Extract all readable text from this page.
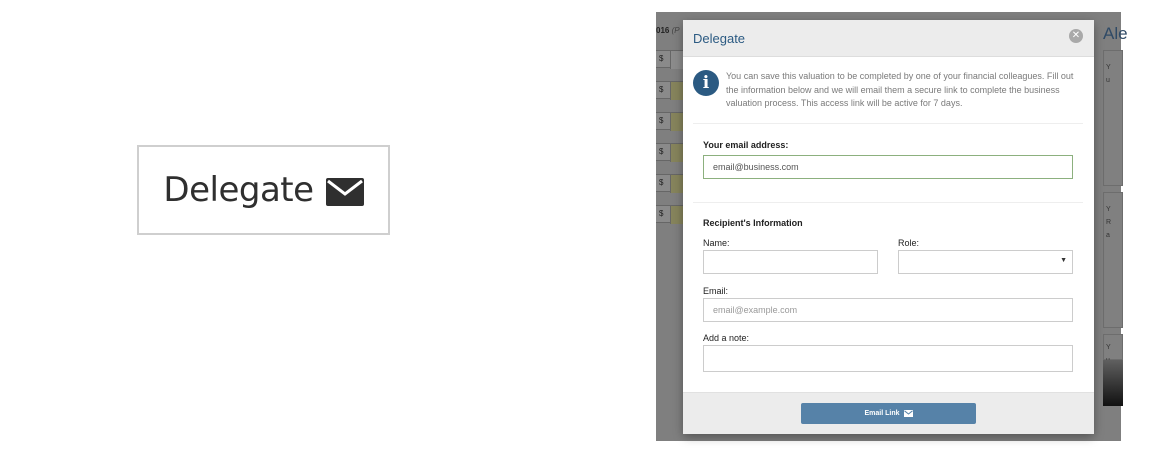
Delegate
016 (P
$
$
$
$
$
$
Ale
Y
u
Y
R
a
Y

Delegate	✕
i	You can save this valuation to be completed by one of your financial colleagues. Fill out the information below and we will email them a secure link to complete the business valuation process. This access link will be active for 7 days.
Your email address:
email@business.com
Recipient's Information
Name:	Role:
▼
Email:
email@example.com
Add a note:
Email Link
